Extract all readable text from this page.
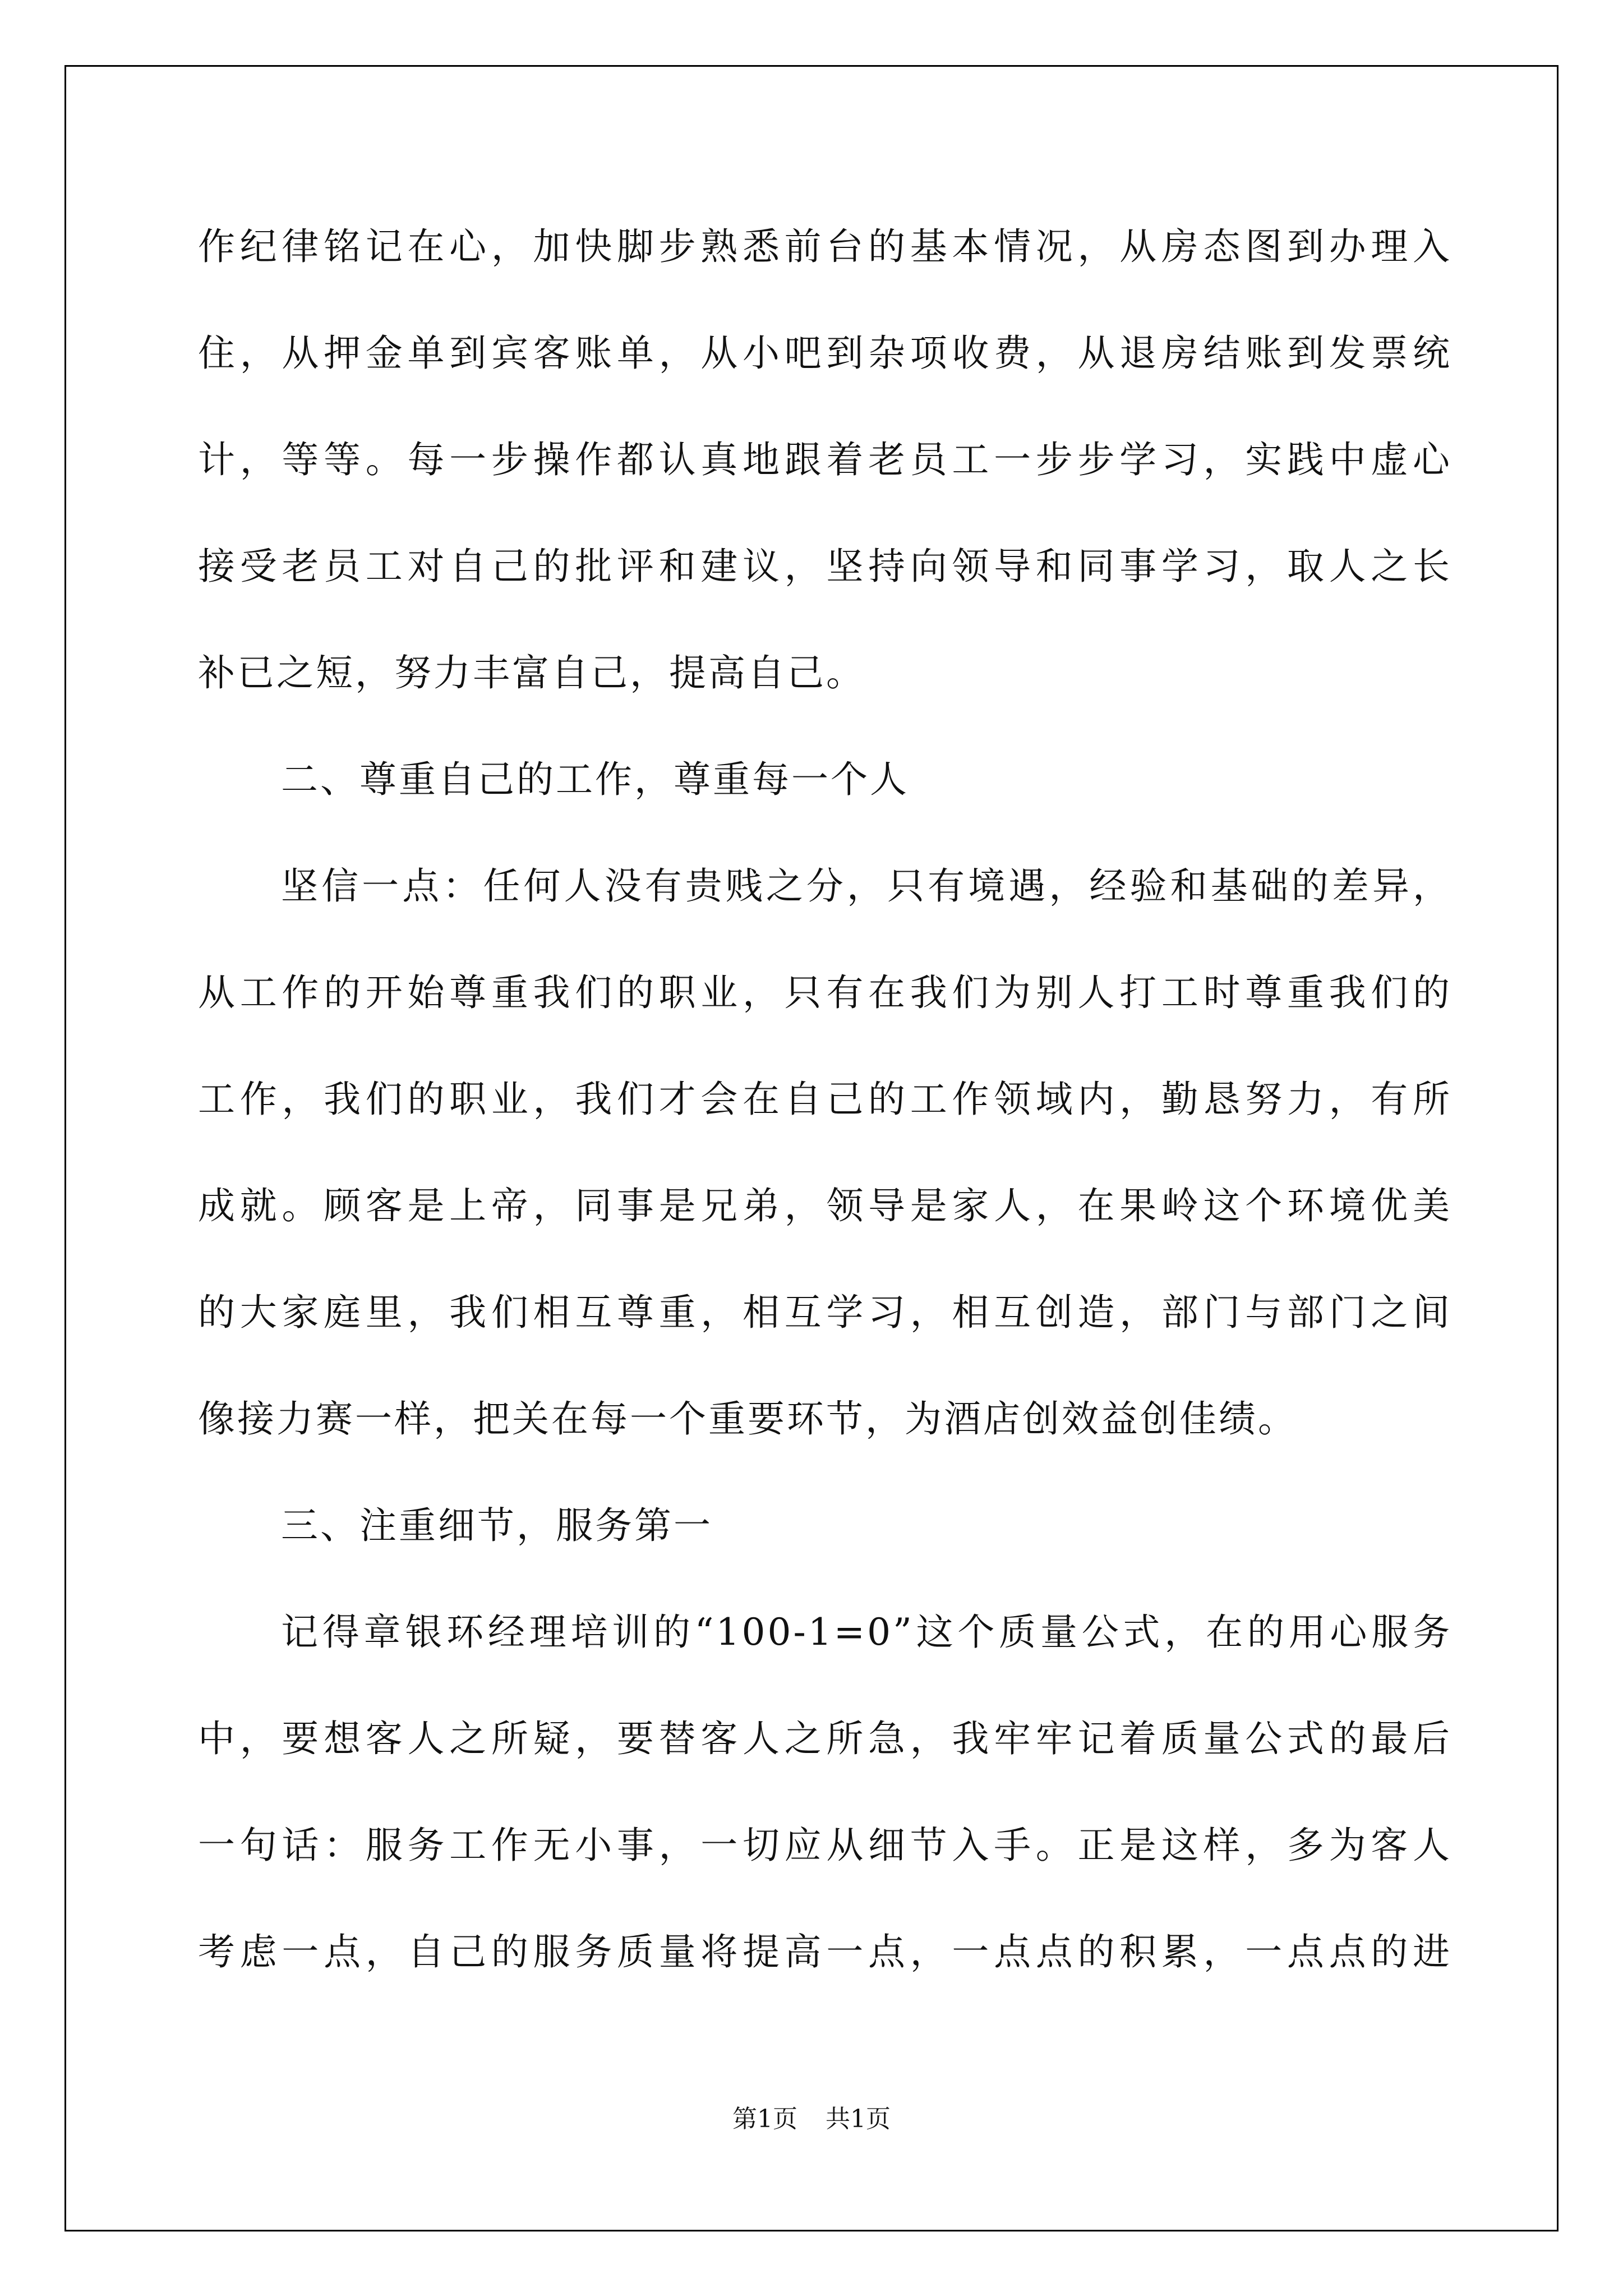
作纪律铭记在心，加快脚步熟悉前台的基本情况，从房态图到办理入
住，从押金单到宾客账单，从小吧到杂项收费，从退房结账到发票统
计，等等。每一步操作都认真地跟着老员工一步步学习，实践中虚心
接受老员工对自己的批评和建议，坚持向领导和同事学习，取人之长
补已之短，努力丰富自己，提高自己。
二、尊重自己的工作，尊重每一个人
坚信一点：任何人没有贵贱之分，只有境遇，经验和基础的差异，
从工作的开始尊重我们的职业，只有在我们为别人打工时尊重我们的
工作，我们的职业，我们才会在自己的工作领域内，勤恳努力，有所
成就。顾客是上帝，同事是兄弟，领导是家人，在果岭这个环境优美
的大家庭里，我们相互尊重，相互学习，相互创造，部门与部门之间
像接力赛一样，把关在每一个重要环节，为酒店创效益创佳绩。
三、注重细节，服务第一
记得章银环经理培训的“100-1=0”这个质量公式，在的用心服务
中，要想客人之所疑，要替客人之所急，我牢牢记着质量公式的最后
一句话：服务工作无小事，一切应从细节入手。正是这样，多为客人
考虑一点，自己的服务质量将提高一点，一点点的积累，一点点的进
第1页 共1页
